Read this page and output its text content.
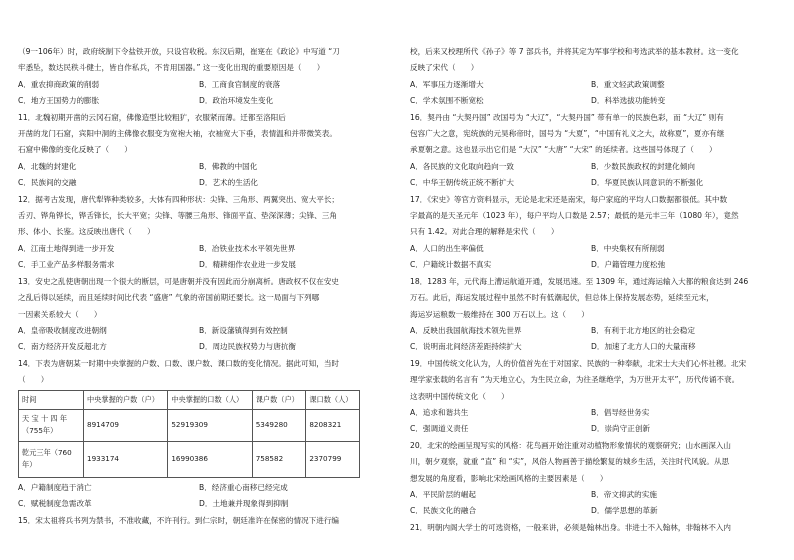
（9一106年）时，政府统制下令盐铁开放，只设官收税。东汉后期，崔寔在《政论》中写道 “刀
牢悉坠，数达民秩斗健士，皆自作私兵，不肯用国器。” 这一变化出现的重要原因是（　　）
A．重农抑商政策的削弱	B．工商食官制度的衰落
C．地方王国势力的膨胀	D．政治环境发生变化
11．北魏初期开凿的云冈石窟，佛像造型比较粗犷，衣服紧而薄。迁都至洛阳后
开凿的龙门石窟，宾阳中洞的主佛像衣服变为宽袍大袖，衣袖宽大下垂，表情温和并带微笑表。
石窟中佛像的变化反映了（　　）
A．北魏的封建化	B．佛教的中国化
C．民族间的交融	D．艺术的生活化
12．据考古发现，唐代犁铧种类较多，大体有四种形状：尖锋、三角形、两翼突出、宽大平长；
舌刃、铧角铧长，铧舌锋长，长大平宽；尖锋、等腰三角形、锋面平直、垫深深薄；尖锋、三角
形、体小、长鉴。这反映出唐代（　　）
A．江南土地得到进一步开发	B．冶铁业技术水平领先世界
C．手工业产品多样服务需求	D．精耕细作农业进一步发展
13．安史之乱使唐朝出现一个很大的断层，可是唐朝并没有因此而分崩离析。唐政权不仅在安史
之乱后得以延续，而且延续时间比代表 “盛唐” 气象的帝国前期还要长。这一局面与下列哪
一因素关系较大（　　）
A．皇帝吸收制度改进朝纲	B．新设藩镇得到有效控制
C．南方经济开发反超北方	D．周边民族权势力与唐抗衡
14．下表为唐朝某一时期中央掌握的户数、口数、课户数、课口数的变化情况。据此可知，当时
（　　）
时间	中央掌握的户数（户）	中央掌握的口数（人）	课户数（户）	课口数（人）

天 宝 十 四 年
（755年）	8914709	52919309	5349280	8208321

乾元三年（760
年）	1933174	16990386	758582	2370799
A．户籍制度趋于消亡	B．经济重心南移已经完成
C．赋税制度急需改革	D．土地兼并现象得到抑制
15．宋太祖将兵书列为禁书，不准收藏，不许刊行。到仁宗时，朝廷准许在保密的情况下进行编
校，后来又校理所代《孙子》等 7 部兵书，并将其定为军事学校和考选武举的基本教材。这一变化
反映了宋代（　　）
A．军事压力逐渐增大	B．重文轻武政策调整
C．学术氛围不断宽松	D．科举选拔功能转变
16．契丹由 “大契丹国” 改国号为 “大辽”，“大契丹国” 带有单一的民族色彩，而 “大辽” 则有
包容广大之意，宪统族的元昊称帝时，国号为 “大夏”，“中国有礼义之大，故称夏”，夏亦有继
承夏朝之意。这也显示出它们是 “大汉” “大唐” “大宋” 的延续者。这些国号体现了（　　）
A．各民族的文化取向趋向一致	B．少数民族政权的封建化倾向
C．中华王朝传统正统不断扩大	D．华夏民族认同意识的不断强化
17．《宋史》等官方资料显示，无论是北宋还是南宋，每户家庭的平均人口数据都很低。其中数
字最高的是天圣元年（1023 年），每户平均人口数是 2.57；最低的是元丰三年（1080 年），竟然
只有 1.42。对此合理的解释是宋代（　　）
A．人口的出生率偏低	B．中央集权有所削弱
C．户籍统计数据不真实	D．户籍管理力度松弛
18．1283 年，元代海上漕运航道开通，发展迅速。至 1309 年，通过海运输入大都的粮食达到 246
万石。此后，海运发展过程中虽然不时有低潮起伏，但总体上保持发展态势，延续至元末，
海运岁运粮数一般维持在 300 万石以上。这（　　）
A．反映出我国航海技术领先世界	B．有利于北方地区的社会稳定
C．说明南北间经济差距持续扩大	D．加速了北方人口的大量南移
19．中国传统文化认为，人的价值首先在于对国家、民族的一种奉献，北宋士大夫们心怀社稷。北宋
理学家张载的名言有 “为天地立心，为生民立命，为往圣继绝学，为万世开太平”，历代传诵不衰。
这表明中国传统文化（　　）
A．追求和谐共生	B．倡导经世务实
C．强调道义责任	D．崇尚守正创新
20．北宋的绘画呈现写实的风格：花鸟画开始注重对动植物形象情状的观察研究；山水画深入山
川，朝夕观察，就重 “直” 和 “实”，风俗人物画善于描绘繁复的城乡生活，关注时代风貌。从思
想发展的角度看，影响北宋绘画风格的主要因素是（　　）
A．平民阶层的崛起	B．帝文抑武的实施
C．民族文化的融合	D．儒学思想的革新
21．明朝内阁大学士的可选资格，一般来讲，必须是翰林出身。非进士不入翰林，非翰林不入内
